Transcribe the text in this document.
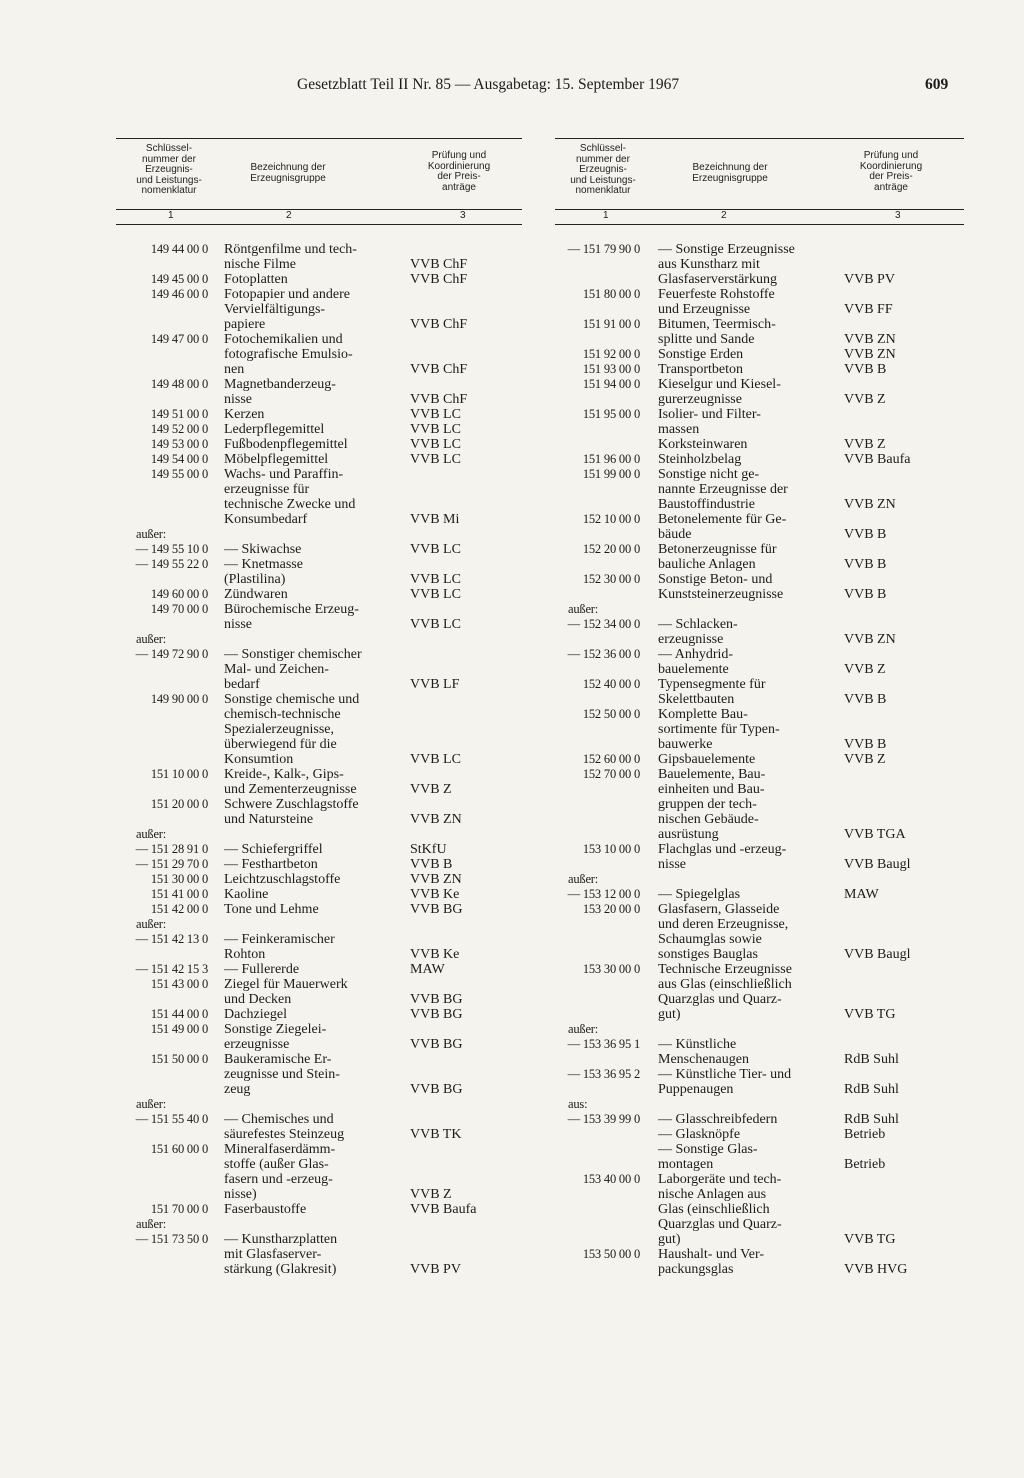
Gesetzblatt Teil II Nr. 85 — Ausgabetag: 15. September 1967	609
Schlüssel-
nummer der
Erzeugnis-
und Leistungs-
nomenklatur
Bezeichnung der
Erzeugnisgruppe
Prüfung und
Koordinierung
der Preis-
anträge
1	2	3
149 44 00 0 Röntgenfilme und tech-
nische Filme	VVB ChF
149 45 00 0 Fotoplatten	VVB ChF
149 46 00 0 Fotopapier und andere
Vervielfältigungs-
papiere	VVB ChF
149 47 00 0 Fotochemikalien und
fotografische Emulsio-
nen	VVB ChF
149 48 00 0 Magnetbanderzeug-
nisse	VVB ChF
149 51 00 0 Kerzen	VVB LC
149 52 00 0 Lederpflegemittel	VVB LC
149 53 00 0 Fußbodenpflegemittel	VVB LC
149 54 00 0 Möbelpflegemittel	VVB LC
149 55 00 0 Wachs- und Paraffin-
erzeugnisse für
technische Zwecke und
Konsumbedarf	VVB Mi
außer:
— 149 55 10 0 — Skiwachse	VVB LC
— 149 55 22 0 — Knetmasse
(Plastilina)	VVB LC
149 60 00 0 Zündwaren	VVB LC
149 70 00 0 Bürochemische Erzeug-
nisse	VVB LC
außer:
— 149 72 90 0 — Sonstiger chemischer
Mal- und Zeichen-
bedarf	VVB LF
149 90 00 0 Sonstige chemische und
chemisch-technische
Spezialerzeugnisse,
überwiegend für die
Konsumtion	VVB LC
151 10 00 0 Kreide-, Kalk-, Gips-
und Zementerzeugnisse	VVB Z
151 20 00 0 Schwere Zuschlagstoffe
und Natursteine	VVB ZN
außer:
— 151 28 91 0 — Schiefergriffel	StKfU
— 151 29 70 0 — Festhartbeton	VVB B
151 30 00 0 Leichtzuschlagstoffe	VVB ZN
151 41 00 0 Kaoline	VVB Ke
151 42 00 0 Tone und Lehme	VVB BG
außer:
— 151 42 13 0 — Feinkeramischer
Rohton	VVB Ke
— 151 42 15 3 — Fullererde	MAW
151 43 00 0 Ziegel für Mauerwerk
und Decken	VVB BG
151 44 00 0 Dachziegel	VVB BG
151 49 00 0 Sonstige Ziegelei-
erzeugnisse	VVB BG
151 50 00 0 Baukeramische Er-
zeugnisse und Stein-
zeug	VVB BG
außer:
— 151 55 40 0 — Chemisches und
säurefestes Steinzeug	VVB TK
151 60 00 0 Mineralfaserdämm-
stoffe (außer Glas-
fasern und -erzeug-
nisse)	VVB Z
151 70 00 0 Faserbaustoffe	VVB Baufa
außer:
— 151 73 50 0 — Kunstharzplatten
mit Glasfaserver-
stärkung (Glakresit)	VVB PV
Schlüssel-
nummer der
Erzeugnis-
und Leistungs-
nomenklatur
Bezeichnung der
Erzeugnisgruppe
Prüfung und
Koordinierung
der Preis-
anträge
1	2	3
— 151 79 90 0 — Sonstige Erzeugnisse
aus Kunstharz mit
Glasfaserverstärkung	VVB PV
151 80 00 0 Feuerfeste Rohstoffe
und Erzeugnisse	VVB FF
151 91 00 0 Bitumen, Teermisch-
splitte und Sande	VVB ZN
151 92 00 0 Sonstige Erden	VVB ZN
151 93 00 0 Transportbeton	VVB B
151 94 00 0 Kieselgur und Kiesel-
gurerzeugnisse	VVB Z
151 95 00 0 Isolier- und Filter-
massen
Korksteinwaren	VVB Z
151 96 00 0 Steinholzbelag	VVB Baufa
151 99 00 0 Sonstige nicht ge-
nannte Erzeugnisse der
Baustoffindustrie	VVB ZN
152 10 00 0 Betonelemente für Ge-
bäude	VVB B
152 20 00 0 Betonerzeugnisse für
bauliche Anlagen	VVB B
152 30 00 0 Sonstige Beton- und
Kunststeinerzeugnisse	VVB B
außer:
— 152 34 00 0 — Schlacken-
erzeugnisse	VVB ZN
— 152 36 00 0 — Anhydrid-
bauelemente	VVB Z
152 40 00 0 Typensegmente für
Skelettbauten	VVB B
152 50 00 0 Komplette Bau-
sortimente für Typen-
bauwerke	VVB B
152 60 00 0 Gipsbauelemente	VVB Z
152 70 00 0 Bauelemente, Bau-
einheiten und Bau-
gruppen der tech-
nischen Gebäude-
ausrüstung	VVB TGA
153 10 00 0 Flachglas und -erzeug-
nisse	VVB Baugl
außer:
— 153 12 00 0 — Spiegelglas	MAW
153 20 00 0 Glasfasern, Glasseide
und deren Erzeugnisse,
Schaumglas sowie
sonstiges Bauglas	VVB Baugl
153 30 00 0 Technische Erzeugnisse
aus Glas (einschließlich
Quarzglas und Quarz-
gut)	VVB TG
außer:
— 153 36 95 1 — Künstliche
Menschenaugen	RdB Suhl
— 153 36 95 2 — Künstliche Tier- und
Puppenaugen	RdB Suhl
aus:
— 153 39 99 0 — Glasschreibfedern	RdB Suhl
— Glasknöpfe	Betrieb
— Sonstige Glas-
montagen	Betrieb
153 40 00 0 Laborgeräte und tech-
nische Anlagen aus
Glas (einschließlich
Quarzglas und Quarz-
gut)	VVB TG
153 50 00 0 Haushalt- und Ver-
packungsglas	VVB HVG
